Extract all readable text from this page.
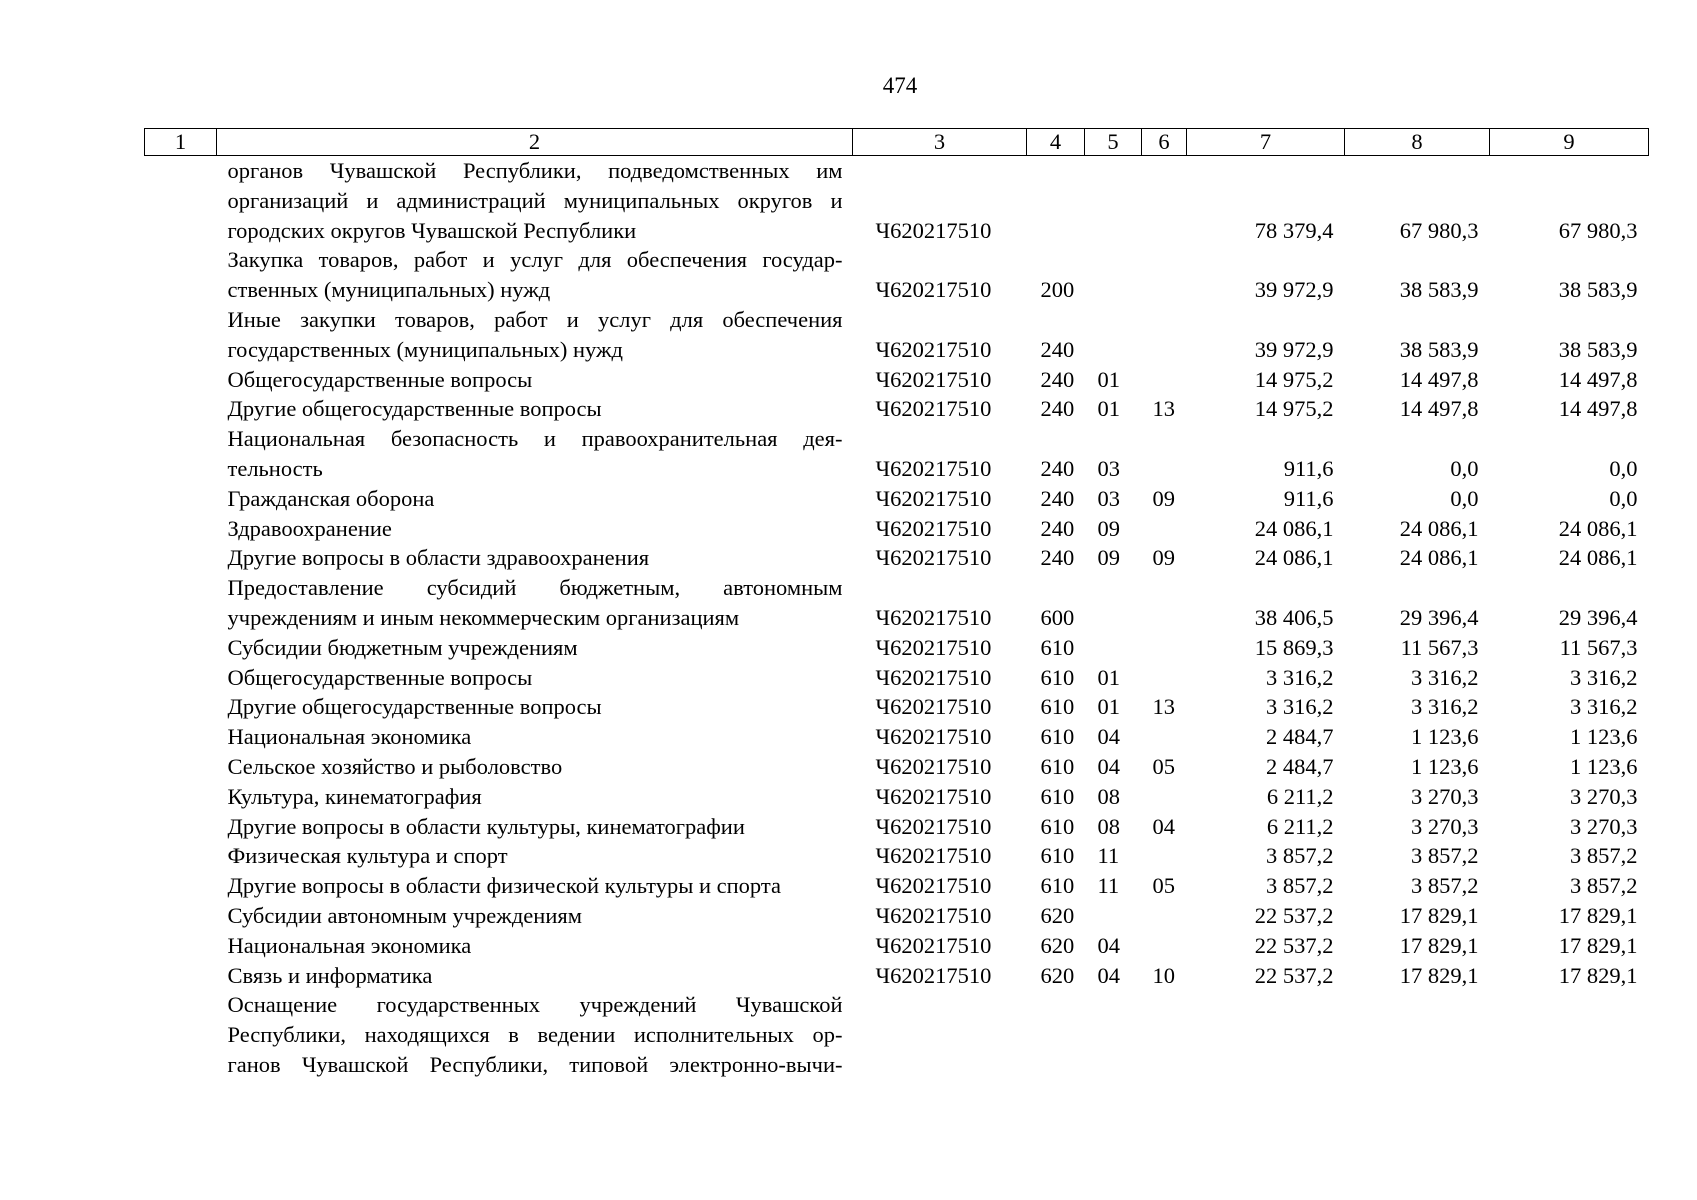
474
1	2	3	4	5	6	7	8	9

	органов Чувашской Республики, подведомственных им
организаций и администраций муниципальных округов и
городских округов Чувашской Республики	Ч620217510				78 379,4	67 980,3	67 980,3

	Закупка товаров, работ и услуг для обеспечения государ-
ственных (муниципальных) нужд	Ч620217510	200			39 972,9	38 583,9	38 583,9

	Иные закупки товаров, работ и услуг для обеспечения
государственных (муниципальных) нужд	Ч620217510	240			39 972,9	38 583,9	38 583,9

	Общегосударственные вопросы	Ч620217510	240	01		14 975,2	14 497,8	14 497,8

	Другие общегосударственные вопросы	Ч620217510	240	01	13	14 975,2	14 497,8	14 497,8

	Национальная безопасность и правоохранительная дея-
тельность	Ч620217510	240	03		911,6	0,0	0,0

	Гражданская оборона	Ч620217510	240	03	09	911,6	0,0	0,0

	Здравоохранение	Ч620217510	240	09		24 086,1	24 086,1	24 086,1

	Другие вопросы в области здравоохранения	Ч620217510	240	09	09	24 086,1	24 086,1	24 086,1

	Предоставление субсидий бюджетным, автономным
учреждениям и иным некоммерческим организациям	Ч620217510	600			38 406,5	29 396,4	29 396,4

	Субсидии бюджетным учреждениям	Ч620217510	610			15 869,3	11 567,3	11 567,3

	Общегосударственные вопросы	Ч620217510	610	01		3 316,2	3 316,2	3 316,2

	Другие общегосударственные вопросы	Ч620217510	610	01	13	3 316,2	3 316,2	3 316,2

	Национальная экономика	Ч620217510	610	04		2 484,7	1 123,6	1 123,6

	Сельское хозяйство и рыболовство	Ч620217510	610	04	05	2 484,7	1 123,6	1 123,6

	Культура, кинематография	Ч620217510	610	08		6 211,2	3 270,3	3 270,3

	Другие вопросы в области культуры, кинематографии	Ч620217510	610	08	04	6 211,2	3 270,3	3 270,3

	Физическая культура и спорт	Ч620217510	610	11		3 857,2	3 857,2	3 857,2

	Другие вопросы в области физической культуры и спорта	Ч620217510	610	11	05	3 857,2	3 857,2	3 857,2

	Субсидии автономным учреждениям	Ч620217510	620			22 537,2	17 829,1	17 829,1

	Национальная экономика	Ч620217510	620	04		22 537,2	17 829,1	17 829,1

	Связь и информатика	Ч620217510	620	04	10	22 537,2	17 829,1	17 829,1

	Оснащение государственных учреждений Чувашской
Республики, находящихся в ведении исполнительных ор-
ганов Чувашской Республики, типовой электронно-вычи-							
